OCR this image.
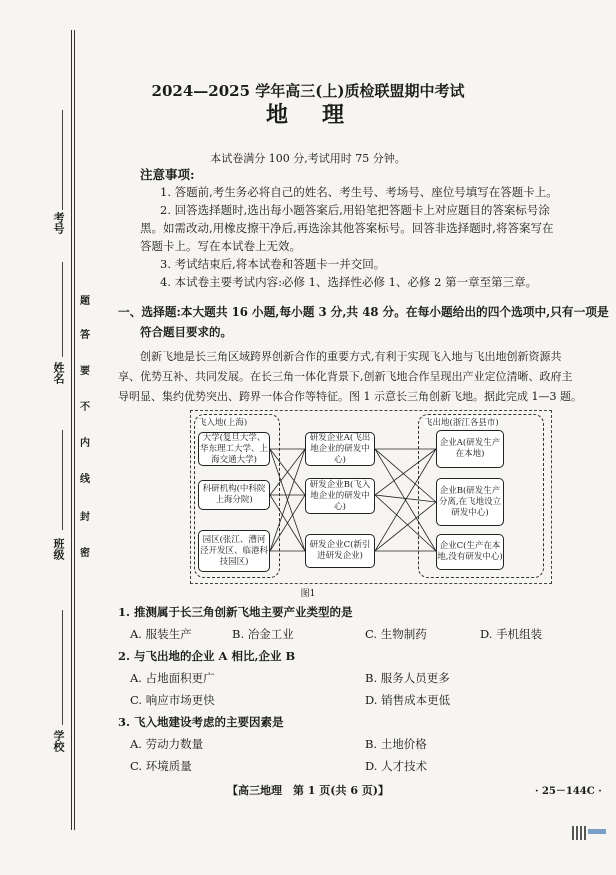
考号
姓名
班级
学校
题
答
要
不
内
线
封
密
2024—2025 学年高三(上)质检联盟期中考试
地　理
本试卷满分 100 分,考试用时 75 分钟。
注意事项:
1. 答题前,考生务必将自己的姓名、考生号、考场号、座位号填写在答题卡上。
2. 回答选择题时,选出每小题答案后,用铅笔把答题卡上对应题目的答案标号涂
黑。如需改动,用橡皮擦干净后,再选涂其他答案标号。回答非选择题时,将答案写在
答题卡上。写在本试卷上无效。
3. 考试结束后,将本试卷和答题卡一并交回。
4. 本试卷主要考试内容:必修 1、选择性必修 1、必修 2 第一章至第三章。
一、选择题:本大题共 16 小题,每小题 3 分,共 48 分。在每小题给出的四个选项中,只有一项是
符合题目要求的。
创新飞地是长三角区域跨界创新合作的重要方式,有利于实现飞入地与飞出地创新资源共
享、优势互补、共同发展。在长三角一体化背景下,创新飞地合作呈现出产业定位清晰、政府主
导明显、集约优势突出、跨界一体合作等特征。图 1 示意长三角创新飞地。据此完成 1—3 题。
飞入地(上海)	飞出地(浙江各县市)
大学(复旦大学、华东理工大学、上海交通大学)
科研机构(中科院上海分院)
园区(张江、漕河泾开发区、临港科技园区)
研发企业A(飞出地企业的研发中心)
研发企业B(飞入地企业的研发中心)
研发企业C(新引进研发企业)
企业A(研发生产在本地)
企业B(研发生产分离,在飞地设立研发中心)
企业C(生产在本地,没有研发中心)
图1
1. 推测属于长三角创新飞地主要产业类型的是
A. 服装生产	B. 冶金工业	C. 生物制药	D. 手机组装
2. 与飞出地的企业 A 相比,企业 B
A. 占地面积更广	B. 服务人员更多
C. 响应市场更快	D. 销售成本更低
3. 飞入地建设考虑的主要因素是
A. 劳动力数量	B. 土地价格
C. 环境质量	D. 人才技术
【高三地理　第 1 页(共 6 页)】	· 25－144C ·
